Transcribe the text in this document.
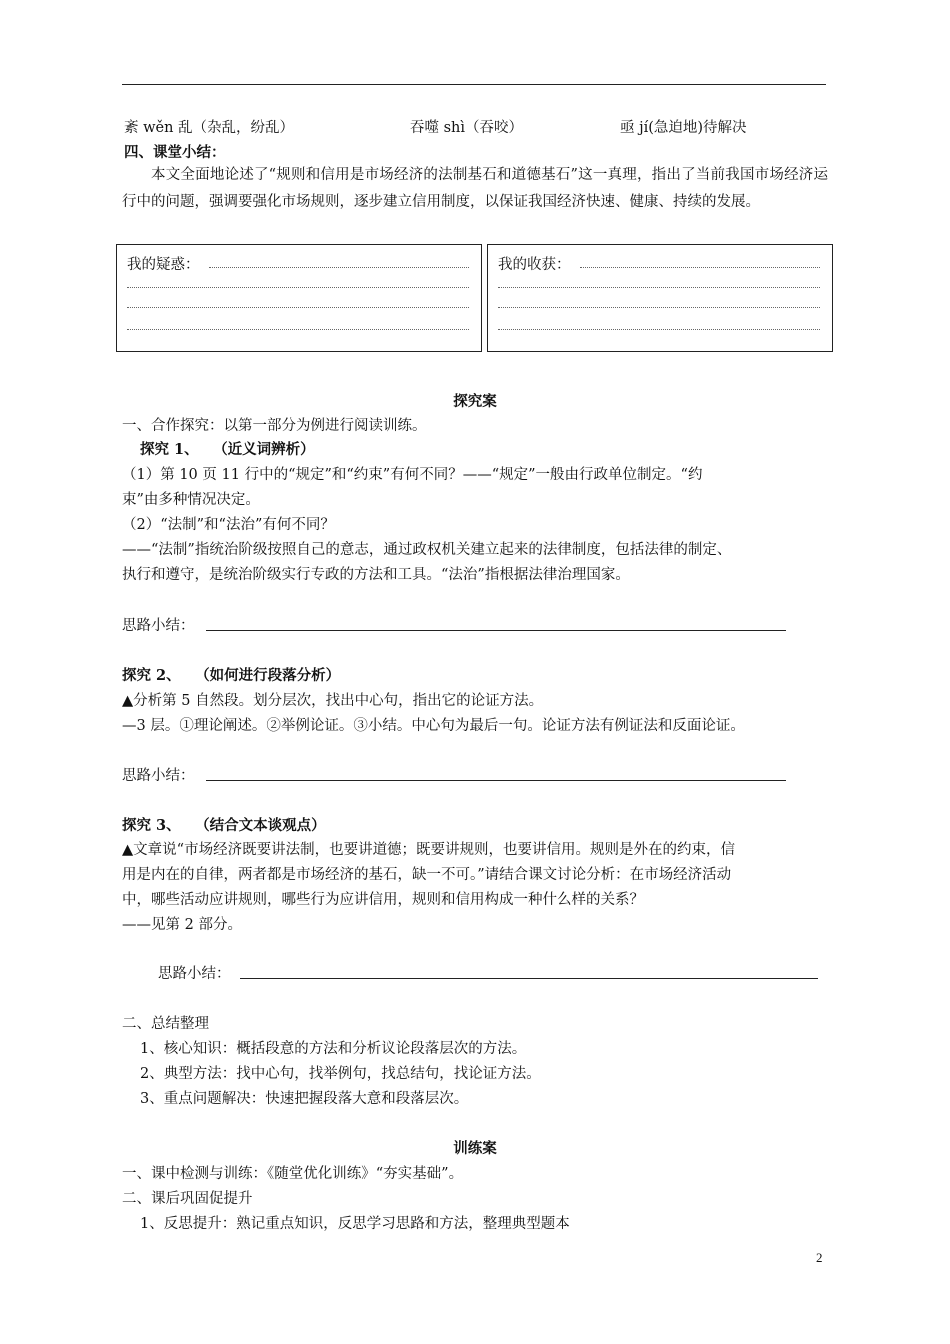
紊 wěn 乱（杂乱，纷乱）	吞噬 shì（吞咬）	亟 jí(急迫地)待解决
四、课堂小结：
本文全面地论述了“规则和信用是市场经济的法制基石和道德基石”这一真理，指出了当前我国市场经济运行中的问题，强调要强化市场规则，逐步建立信用制度，以保证我国经济快速、健康、持续的发展。
我的疑惑：	我的收获：
探究案
一、合作探究：以第一部分为例进行阅读训练。
探究 1、　　（近义词辨析）
（1）第 10 页 11 行中的“规定”和“约束”有何不同？——“规定”一般由行政单位制定。“约
束”由多种情况决定。
（2）“法制”和“法治”有何不同？
——“法制”指统治阶级按照自己的意志，通过政权机关建立起来的法律制度，包括法律的制定、
执行和遵守，是统治阶级实行专政的方法和工具。“法治”指根据法律治理国家。
思路小结：
探究 2、　　（如何进行段落分析）
▲分析第 5 自然段。划分层次，找出中心句，指出它的论证方法。
—3 层。①理论阐述。②举例论证。③小结。中心句为最后一句。论证方法有例证法和反面论证。
思路小结：
探究 3、　　（结合文本谈观点）
▲文章说“市场经济既要讲法制，也要讲道德；既要讲规则，也要讲信用。规则是外在的约束，信
用是内在的自律，两者都是市场经济的基石，缺一不可。”请结合课文讨论分析：在市场经济活动
中，哪些活动应讲规则，哪些行为应讲信用，规则和信用构成一种什么样的关系？
——见第 2 部分。
思路小结：
二、总结整理
1、核心知识：概括段意的方法和分析议论段落层次的方法。
2、典型方法：找中心句，找举例句，找总结句，找论证方法。
3、重点问题解决：快速把握段落大意和段落层次。
训练案
一、课中检测与训练：《随堂优化训练》“夯实基础”。
二、课后巩固促提升
1、反思提升：熟记重点知识，反思学习思路和方法，整理典型题本
2
